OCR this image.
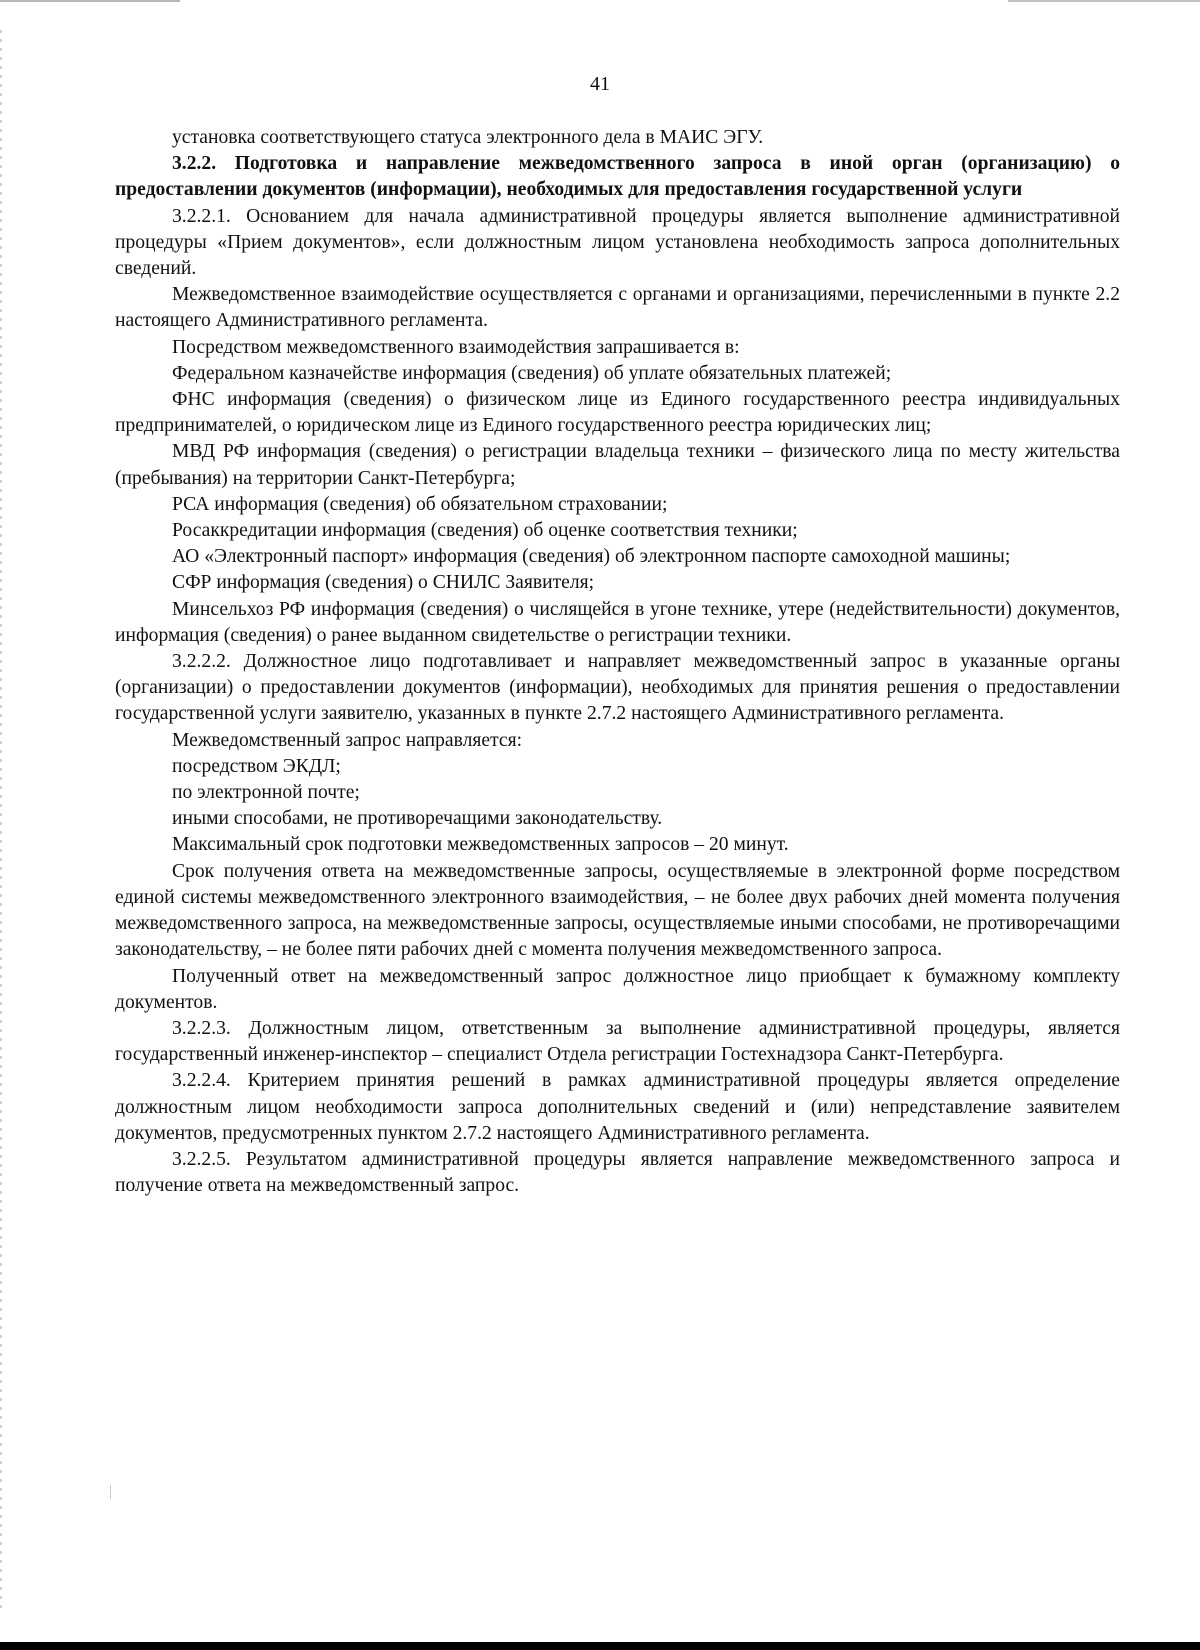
41

установка соответствующего статуса электронного дела в МАИС ЭГУ.

3.2.2. Подготовка и направление межведомственного запроса в иной орган (организацию) о предоставлении документов (информации), необходимых для предоставления государственной услуги

3.2.2.1. Основанием для начала административной процедуры является выполнение административной процедуры «Прием документов», если должностным лицом установлена необходимость запроса дополнительных сведений.

Межведомственное взаимодействие осуществляется с органами и организациями, перечисленными в пункте 2.2 настоящего Административного регламента.

Посредством межведомственного взаимодействия запрашивается в:

Федеральном казначействе информация (сведения) об уплате обязательных платежей;

ФНС информация (сведения) о физическом лице из Единого государственного реестра индивидуальных предпринимателей, о юридическом лице из Единого государственного реестра юридических лиц;

МВД РФ информация (сведения) о регистрации владельца техники – физического лица по месту жительства (пребывания) на территории Санкт-Петербурга;

РСА информация (сведения) об обязательном страховании;

Росаккредитации информация (сведения) об оценке соответствия техники;

АО «Электронный паспорт» информация (сведения) об электронном паспорте самоходной машины;

СФР информация (сведения) о СНИЛС Заявителя;

Минсельхоз РФ информация (сведения) о числящейся в угоне технике, утере (недействительности) документов, информация (сведения) о ранее выданном свидетельстве о регистрации техники.

3.2.2.2. Должностное лицо подготавливает и направляет межведомственный запрос в указанные органы (организации) о предоставлении документов (информации), необходимых для принятия решения о предоставлении государственной услуги заявителю, указанных в пункте 2.7.2 настоящего Административного регламента.

Межведомственный запрос направляется:

посредством ЭКДЛ;

по электронной почте;

иными способами, не противоречащими законодательству.

Максимальный срок подготовки межведомственных запросов – 20 минут.

Срок получения ответа на межведомственные запросы, осуществляемые в электронной форме посредством единой системы межведомственного электронного взаимодействия, – не более двух рабочих дней момента получения межведомственного запроса, на межведомственные запросы, осуществляемые иными способами, не противоречащими законодательству, – не более пяти рабочих дней с момента получения межведомственного запроса.

Полученный ответ на межведомственный запрос должностное лицо приобщает к бумажному комплекту документов.

3.2.2.3. Должностным лицом, ответственным за выполнение административной процедуры, является государственный инженер-инспектор – специалист Отдела регистрации Гостехнадзора Санкт-Петербурга.

3.2.2.4. Критерием принятия решений в рамках административной процедуры является определение должностным лицом необходимости запроса дополнительных сведений и (или) непредставление заявителем документов, предусмотренных пунктом 2.7.2 настоящего Административного регламента.

3.2.2.5. Результатом административной процедуры является направление межведомственного запроса и получение ответа на межведомственный запрос.
